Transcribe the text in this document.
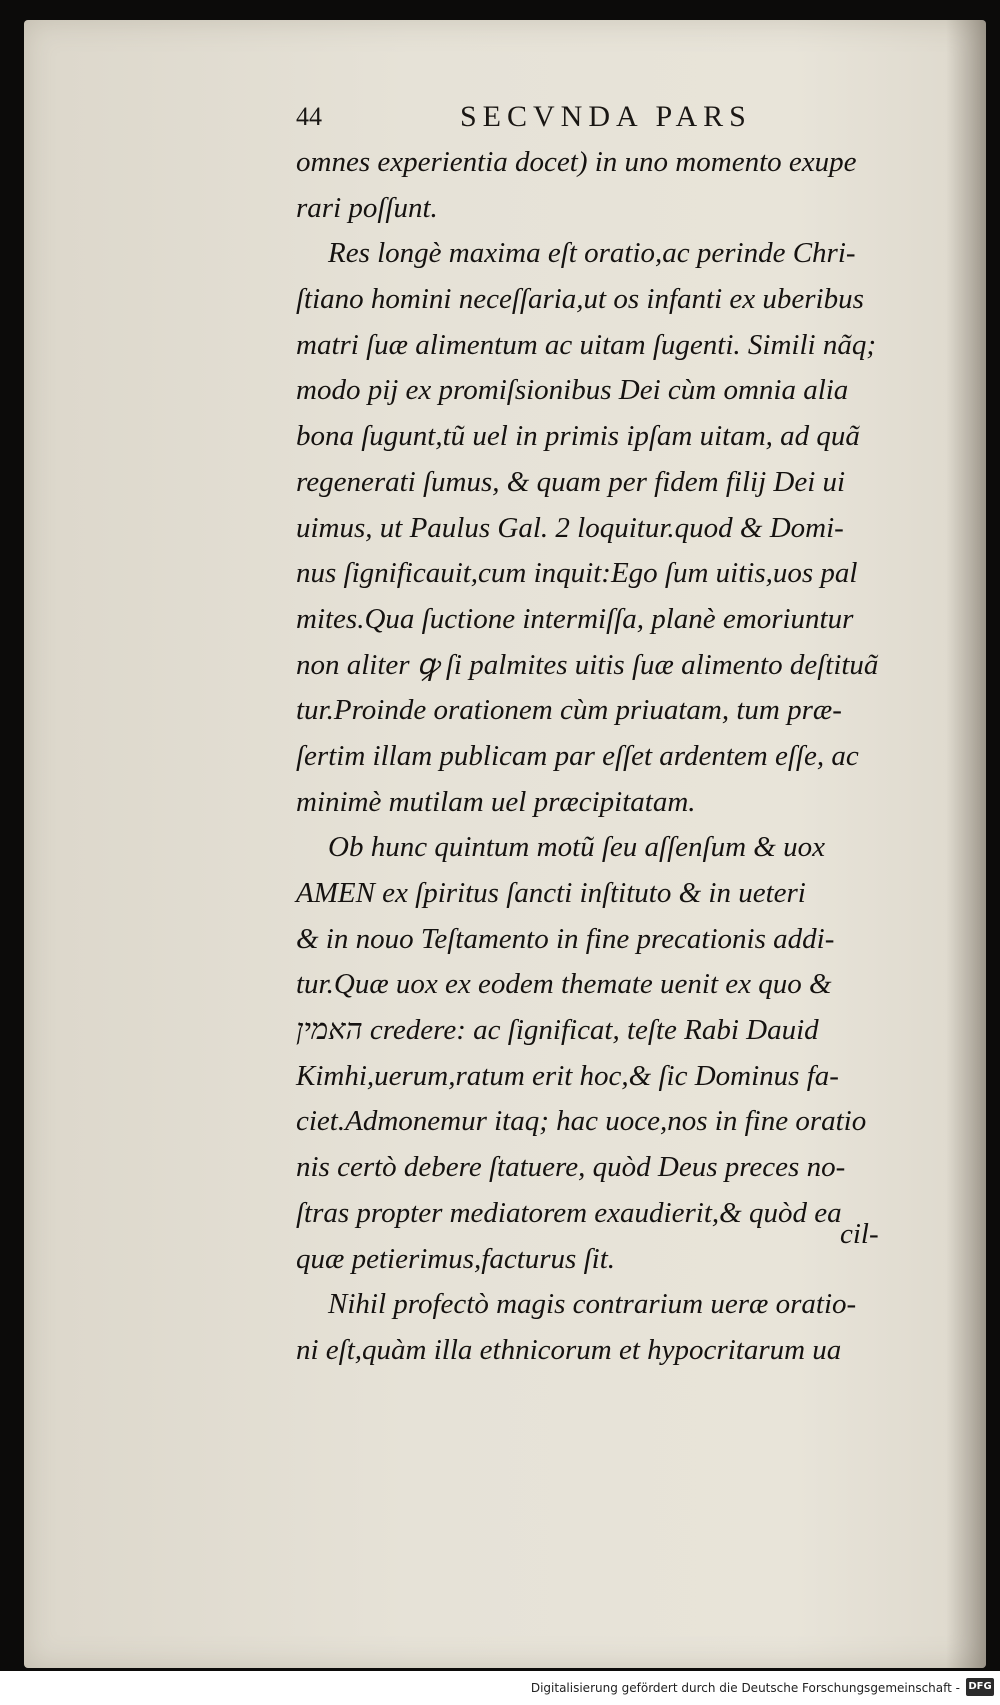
44	SECVNDA PARS
omnes experientia docet) in uno momento exupe
rari poſſunt.
Res longè maxima eſt oratio,ac perinde Chri-
ſtiano homini neceſſaria,ut os infanti ex uberibus
matri ſuæ alimentum ac uitam ſugenti. Simili nãq;
modo pij ex promiſsionibus Dei cùm omnia alia
bona ſugunt,tũ uel in primis ipſam uitam, ad quã
regenerati ſumus, & quam per fidem filij Dei ui
uimus, ut Paulus Gal. 2 loquitur.quod & Domi-
nus ſignificauit,cum inquit:Ego ſum uitis,uos pal
mites.Qua ſuctione intermiſſa, planè emoriuntur
non aliter ꝙ ſi palmites uitis ſuæ alimento deſtituã
tur.Proinde orationem cùm priuatam, tum præ-
ſertim illam publicam par eſſet ardentem eſſe, ac
minimè mutilam uel præcipitatam.
Ob hunc quintum motũ ſeu aſſenſum & uox
AMEN ex ſpiritus ſancti inſtituto & in ueteri
& in nouo Teſtamento in fine precationis addi-
tur.Quæ uox ex eodem themate uenit ex quo &
האמין credere: ac ſignificat, teſte Rabi Dauid
Kimhi,uerum,ratum erit hoc,& ſic Dominus fa-
ciet.Admonemur itaq; hac uoce,nos in fine oratio
nis certò debere ſtatuere, quòd Deus preces no-
ſtras propter mediatorem exaudierit,& quòd ea
quæ petierimus,facturus ſit.
Nihil profectò magis contrarium ueræ oratio-
ni eſt,quàm illa ethnicorum et hypocritarum ua
cil-
Digitalisierung gefördert durch die Deutsche Forschungsgemeinschaft - DFG
